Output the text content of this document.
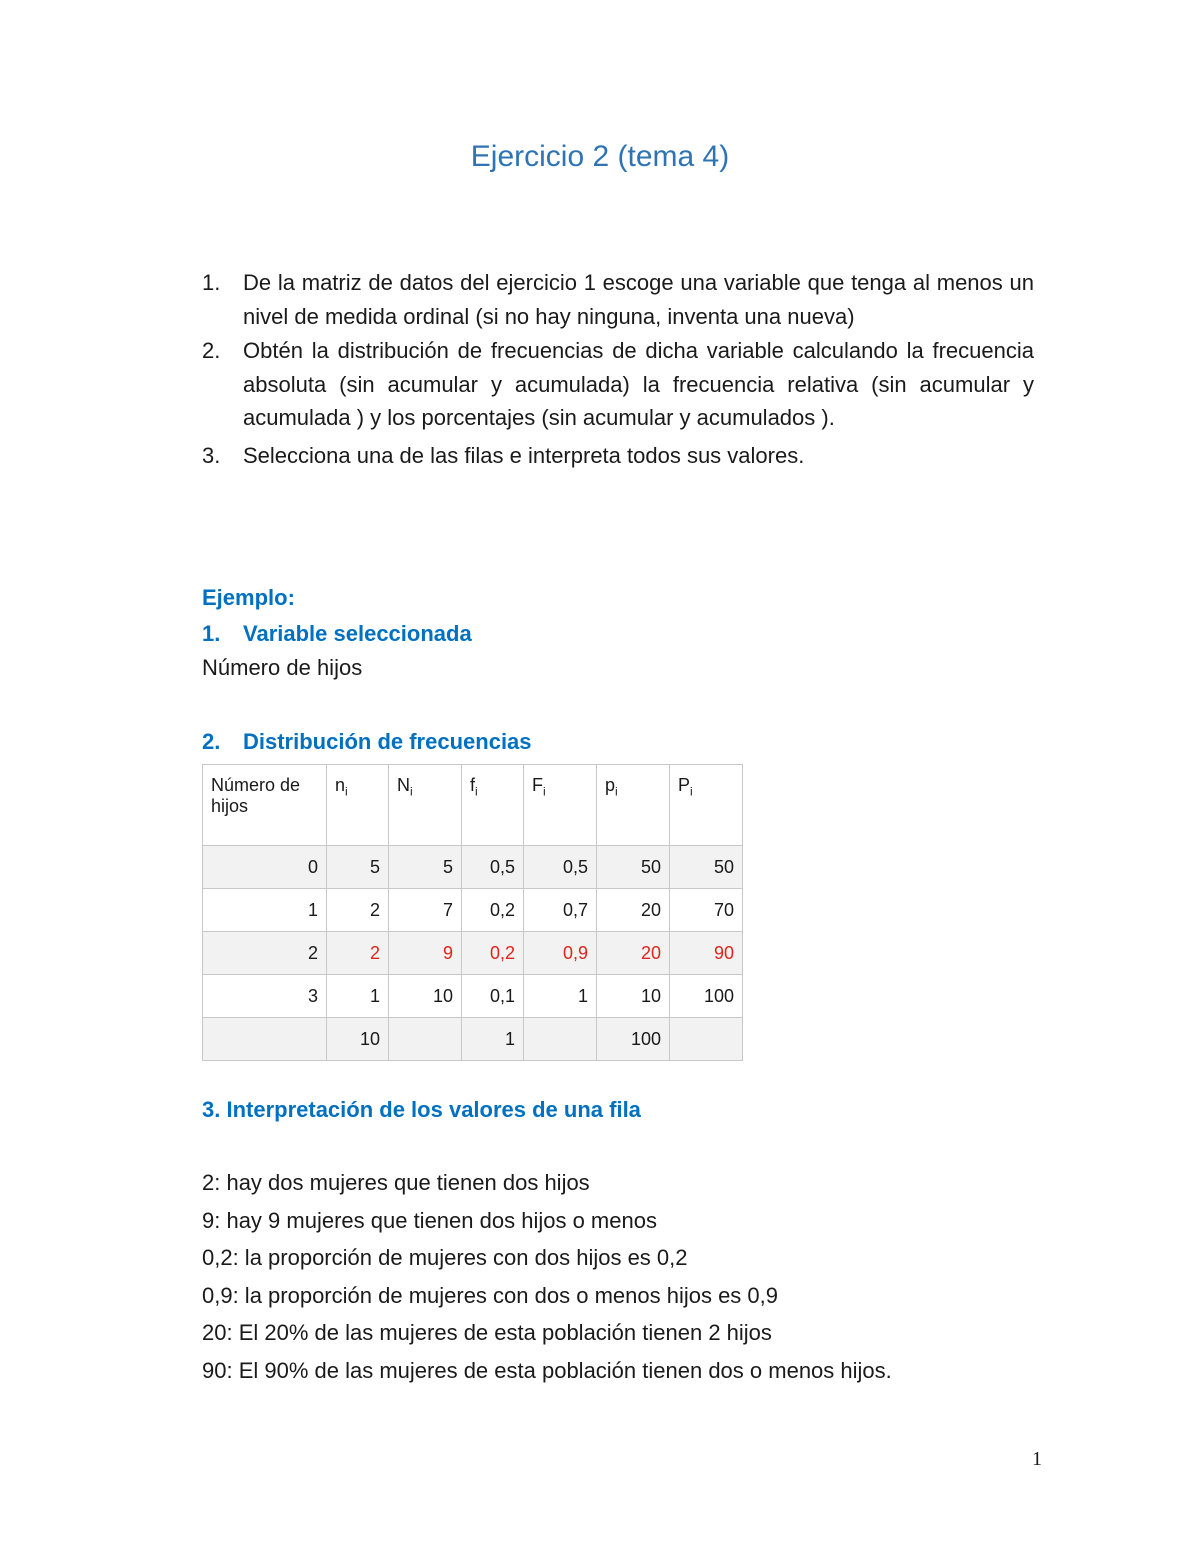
Ejercicio 2 (tema 4)
1. De la matriz de datos del ejercicio 1 escoge una variable que tenga al menos un nivel de medida ordinal (si no hay ninguna, inventa una nueva)
2. Obtén la distribución de frecuencias de dicha variable calculando la frecuencia absoluta (sin acumular y acumulada) la frecuencia relativa (sin acumular y acumulada ) y los porcentajes (sin acumular y acumulados ).
3. Selecciona una de las filas e interpreta todos sus valores.
Ejemplo:
1. Variable seleccionada
Número de hijos
2. Distribución de frecuencias
Número de hijos	$n_i$	$N_i$	$f_i$	$F_i$	$p_i$	$P_i$
0	5	5	0,5	0,5	50	50
1	2	7	0,2	0,7	20	70
2	2	9	0,2	0,9	20	90
3	1	10	0,1	1	10	100
	10		1		100	
3. Interpretación de los valores de una fila
2: hay dos mujeres que tienen dos hijos
9: hay 9 mujeres que tienen dos hijos o menos
0,2: la proporción de mujeres con dos hijos es 0,2
0,9: la proporción de mujeres con dos o menos hijos es 0,9
20: El 20% de las mujeres de esta población tienen 2 hijos
90: El 90% de las mujeres de esta población tienen dos o menos hijos.
1
